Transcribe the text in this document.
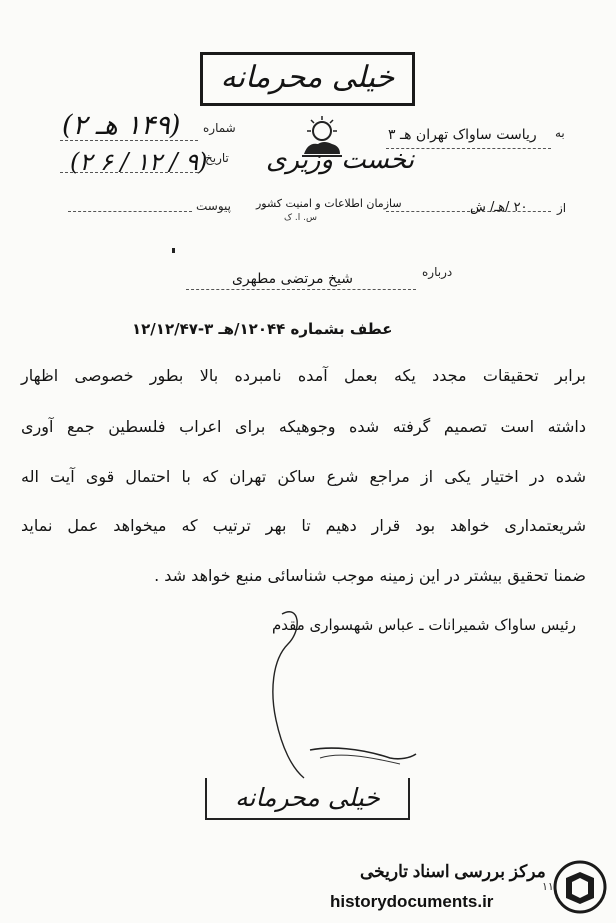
خیلی محرمانه
شماره
(۱۴۹ هـ ۲)
تاریخ
(۹ / ۱۲ / ۶ ۲)
پیوست
به
ریاست ساواک تهران هـ ۳
از
۲۰ /هـ/ ش
نخست وزیری
سازمان اطلاعات و امنیت کشور
س. ا. ک
درباره
شیخ مرتضی مطهری
عطف بشماره ۱۲۰۴۴/هـ ۳-۱۲/۱۲/۴۷
برابر تحقیقات مجدد یکه بعمل آمده نامبرده بالا بطور خصوصی اظهار
داشته است تصمیم گرفته شده وجوهیکه برای اعراب فلسطین جمع آوری
شده در اختیار یکی از مراجع شرع ساکن تهران که با احتمال قوی آیت اله
شریعتمداری خواهد بود قرار دهیم تا بهر ترتیب که میخواهد عمل نماید
ضمنا تحقیق بیشتر در این زمینه موجب شناسائی منبع خواهد شد .
رئیس ساواک شمیرانات ـ عباس شهسواری مقدم
خیلی محرمانه
مرکز بررسی اسناد تاریخی
historydocuments.ir
۱۱
